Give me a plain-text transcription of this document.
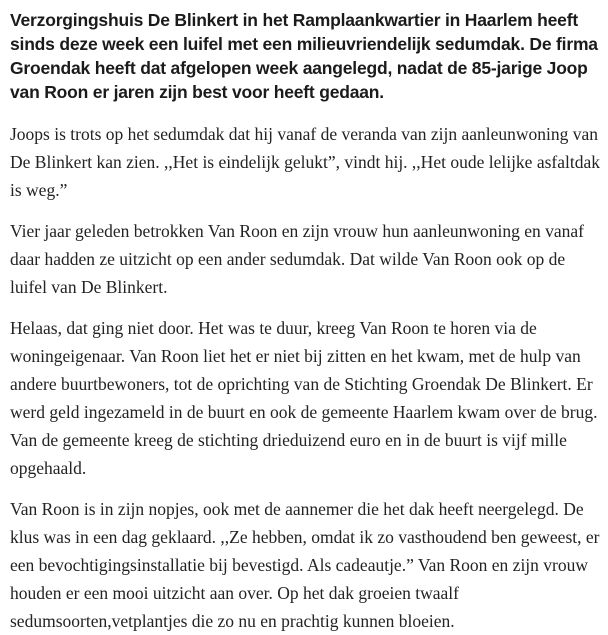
Verzorgingshuis De Blinkert in het Ramplaankwartier in Haarlem heeft sinds deze week een luifel met een milieuvriendelijk sedumdak. De firma Groendak heeft dat afgelopen week aangelegd, nadat de 85-jarige Joop van Roon er jaren zijn best voor heeft gedaan.

Joops is trots op het sedumdak dat hij vanaf de veranda van zijn aanleunwoning van De Blinkert kan zien. ,,Het is eindelijk gelukt”, vindt hij. ,,Het oude lelijke asfaltdak is weg.”

Vier jaar geleden betrokken Van Roon en zijn vrouw hun aanleunwoning en vanaf daar hadden ze uitzicht op een ander sedumdak. Dat wilde Van Roon ook op de luifel van De Blinkert.

Helaas, dat ging niet door. Het was te duur, kreeg Van Roon te horen via de woningeigenaar. Van Roon liet het er niet bij zitten en het kwam, met de hulp van andere buurtbewoners, tot de oprichting van de Stichting Groendak De Blinkert. Er werd geld ingezameld in de buurt en ook de gemeente Haarlem kwam over de brug. Van de gemeente kreeg de stichting drieduizend euro en in de buurt is vijf mille opgehaald.

Van Roon is in zijn nopjes, ook met de aannemer die het dak heeft neergelegd. De klus was in een dag geklaard. ,,Ze hebben, omdat ik zo vasthoudend ben geweest, er een bevochtigingsinstallatie bij bevestigd. Als cadeautje.” Van Roon en zijn vrouw houden er een mooi uitzicht aan over. Op het dak groeien twaalf sedumsoorten,vetplantjes die zo nu en prachtig kunnen bloeien.
